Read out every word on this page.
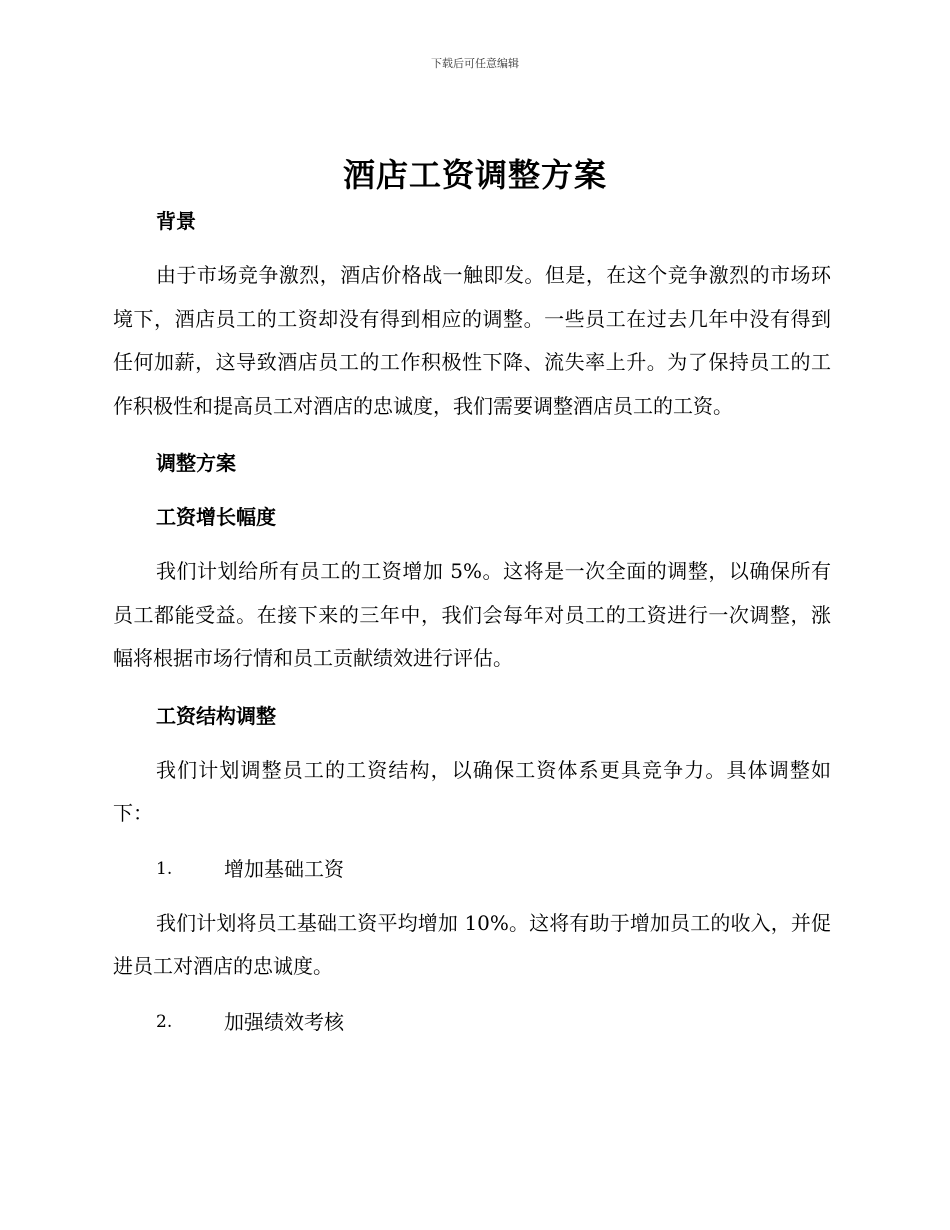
下载后可任意编辑
酒店工资调整方案

背景

由于市场竞争激烈，酒店价格战一触即发。但是，在这个竞争激烈的市场环境下，酒店员工的工资却没有得到相应的调整。一些员工在过去几年中没有得到任何加薪，这导致酒店员工的工作积极性下降、流失率上升。为了保持员工的工作积极性和提高员工对酒店的忠诚度，我们需要调整酒店员工的工资。

调整方案

工资增长幅度

我们计划给所有员工的工资增加 5%。这将是一次全面的调整，以确保所有员工都能受益。在接下来的三年中，我们会每年对员工的工资进行一次调整，涨幅将根据市场行情和员工贡献绩效进行评估。

工资结构调整

我们计划调整员工的工资结构，以确保工资体系更具竞争力。具体调整如下：

1.	增加基础工资

我们计划将员工基础工资平均增加 10%。这将有助于增加员工的收入，并促进员工对酒店的忠诚度。

2.	加强绩效考核
